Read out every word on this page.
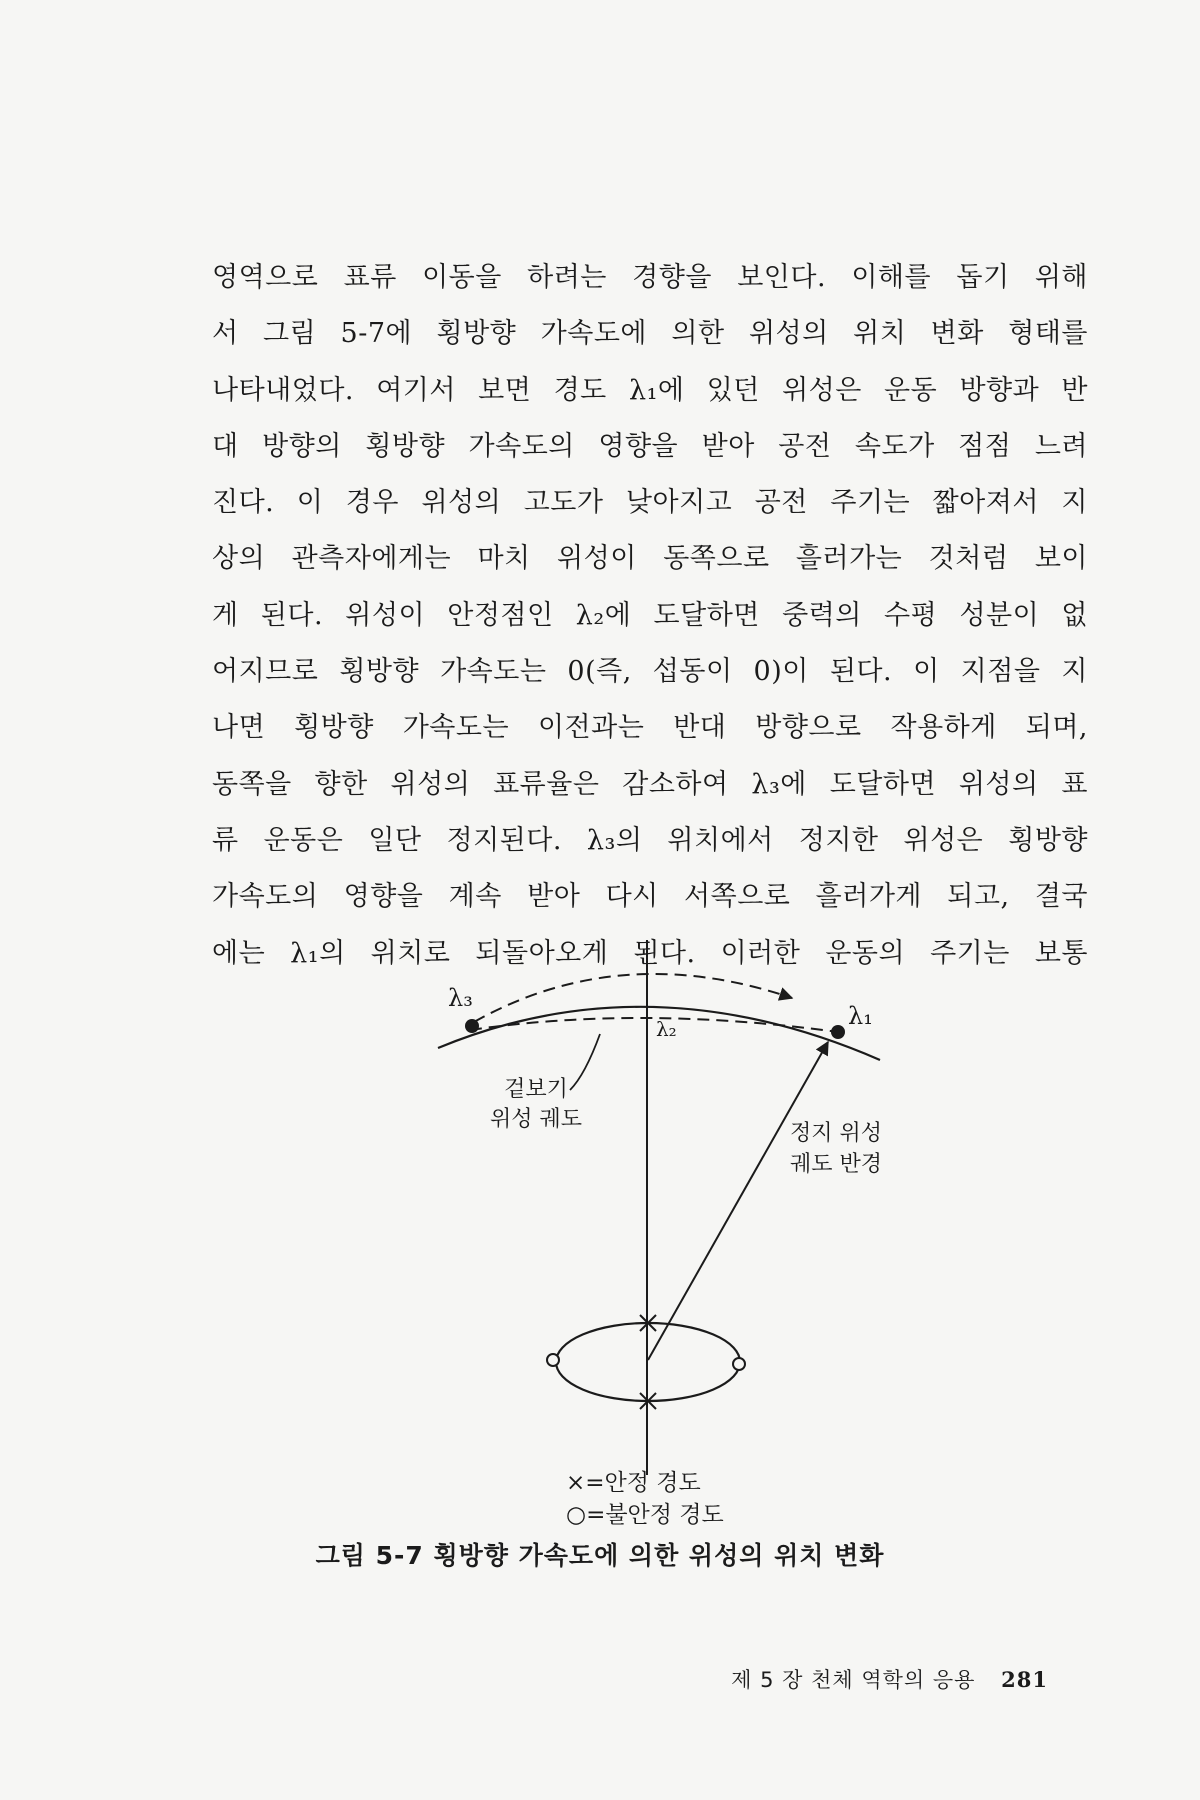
영역으로 표류 이동을 하려는 경향을 보인다. 이해를 돕기 위해
서 그림 5-7에 횡방향 가속도에 의한 위성의 위치 변화 형태를
나타내었다. 여기서 보면 경도 λ₁에 있던 위성은 운동 방향과 반
대 방향의 횡방향 가속도의 영향을 받아 공전 속도가 점점 느려
진다. 이 경우 위성의 고도가 낮아지고 공전 주기는 짧아져서 지
상의 관측자에게는 마치 위성이 동쪽으로 흘러가는 것처럼 보이
게 된다. 위성이 안정점인 λ₂에 도달하면 중력의 수평 성분이 없
어지므로 횡방향 가속도는 0(즉, 섭동이 0)이 된다. 이 지점을 지
나면 횡방향 가속도는 이전과는 반대 방향으로 작용하게 되며,
동쪽을 향한 위성의 표류율은 감소하여 λ₃에 도달하면 위성의 표
류 운동은 일단 정지된다. λ₃의 위치에서 정지한 위성은 횡방향
가속도의 영향을 계속 받아 다시 서쪽으로 흘러가게 되고, 결국
에는 λ₁의 위치로 되돌아오게 된다. 이러한 운동의 주기는 보통
λ₃
λ₁
λ₂
겉보기
위성 궤도
정지 위성
궤도 반경
×=안정 경도
○=불안정 경도
그림 5-7 횡방향 가속도에 의한 위성의 위치 변화
제 5 장 천체 역학의 응용 281
